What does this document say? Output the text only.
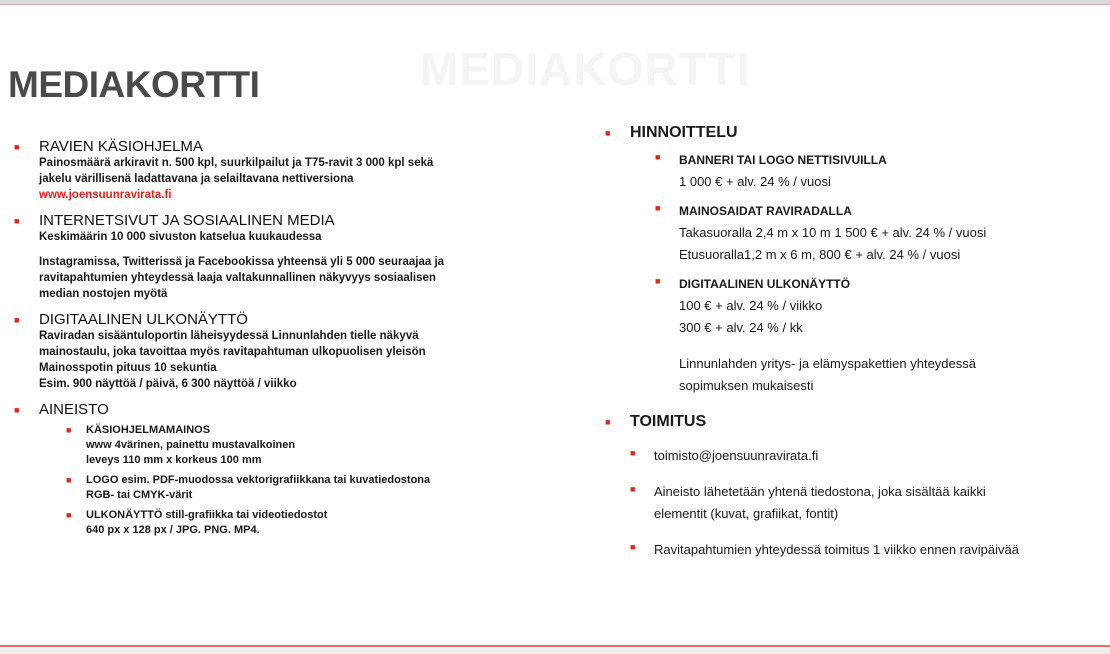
MEDIAKORTTI
MEDIAKORTTI
■	RAVIEN KÄSIOHJELMA
Painosmäärä arkiravit n. 500 kpl, suurkilpailut ja T75-ravit 3 000 kpl sekä
jakelu värillisenä ladattavana ja selailtavana nettiversiona
www.joensuunravirata.fi
■	INTERNETSIVUT JA SOSIAALINEN MEDIA
Keskimäärin 10 000 sivuston katselua kuukaudessa
Instagramissa, Twitterissä ja Facebookissa yhteensä yli 5 000 seuraajaa ja
ravitapahtumien yhteydessä laaja valtakunnallinen näkyvyys sosiaalisen
median nostojen myötä
■	DIGITAALINEN ULKONÄYTTÖ
Raviradan sisääntuloportin läheisyydessä Linnunlahden tielle näkyvä
mainostaulu, joka tavoittaa myös ravitapahtuman ulkopuolisen yleisön
Mainosspotin pituus 10 sekuntia
Esim. 900 näyttöä / päivä, 6 300 näyttöä / viikko
■	AINEISTO
■	KÄSIOHJELMAMAINOS
www 4värinen, painettu mustavalkoinen
leveys 110 mm x korkeus 100 mm
■	LOGO esim. PDF-muodossa vektorigrafiikkana tai kuvatiedostona
RGB- tai CMYK-värit
■	ULKONÄYTTÖ still-grafiikka tai videotiedostot
640 px x 128 px / JPG. PNG. MP4.
■	HINNOITTELU
■	BANNERI TAI LOGO NETTISIVUILLA
1 000 € + alv. 24 % / vuosi
■	MAINOSAIDAT RAVIRADALLA
Takasuoralla 2,4 m x 10 m 1 500 € + alv. 24 % / vuosi
Etusuoralla1,2 m x 6 m, 800 € + alv. 24 % / vuosi
■	DIGITAALINEN ULKONÄYTTÖ
100 € + alv. 24 % / viikko
300 € + alv. 24 % / kk
Linnunlahden yritys- ja elämyspakettien yhteydessä
sopimuksen mukaisesti
■	TOIMITUS
■	toimisto@joensuunravirata.fi
■	Aineisto lähetetään yhtenä tiedostona, joka sisältää kaikki
elementit (kuvat, grafiikat, fontit)
■	Ravitapahtumien yhteydessä toimitus 1 viikko ennen ravipäivää
